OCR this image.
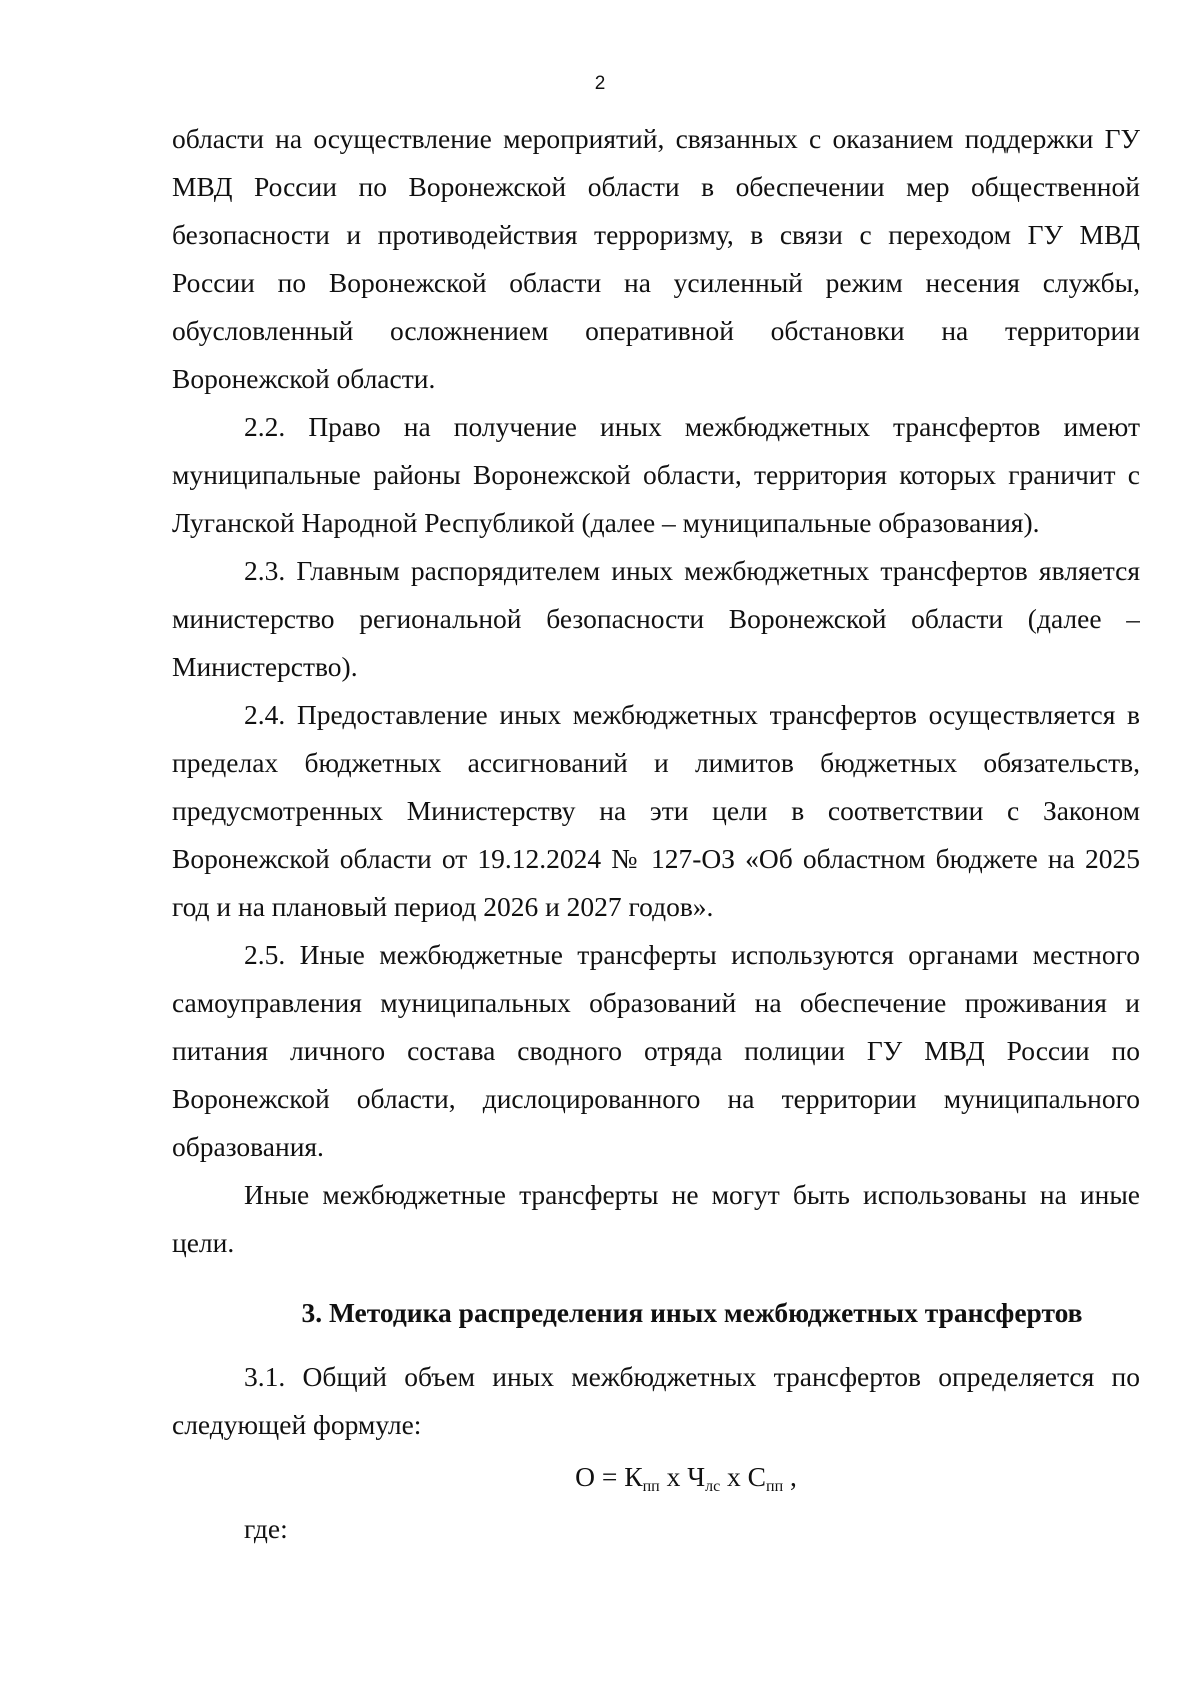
2
области на осуществление мероприятий, связанных с оказанием поддержки ГУ
МВД России по Воронежской области в обеспечении мер общественной
безопасности и противодействия терроризму, в связи с переходом ГУ МВД
России по Воронежской области на усиленный режим несения службы,
обусловленный осложнением оперативной обстановки на территории
Воронежской области.
2.2. Право на получение иных межбюджетных трансфертов имеют
муниципальные районы Воронежской области, территория которых граничит с
Луганской Народной Республикой (далее – муниципальные образования).
2.3. Главным распорядителем иных межбюджетных трансфертов является
министерство региональной безопасности Воронежской области (далее –
Министерство).
2.4. Предоставление иных межбюджетных трансфертов осуществляется в
пределах бюджетных ассигнований и лимитов бюджетных обязательств,
предусмотренных Министерству на эти цели в соответствии с Законом
Воронежской области от 19.12.2024 № 127-ОЗ «Об областном бюджете на 2025
год и на плановый период 2026 и 2027 годов».
2.5. Иные межбюджетные трансферты используются органами местного
самоуправления муниципальных образований на обеспечение проживания и
питания личного состава сводного отряда полиции ГУ МВД России по
Воронежской области, дислоцированного на территории муниципального
образования.
Иные межбюджетные трансферты не могут быть использованы на иные
цели.
3. Методика распределения иных межбюджетных трансфертов
3.1. Общий объем иных межбюджетных трансфертов определяется по
следующей формуле:
$О = К_{пп}$ х $Ч_{лс}$ х $С_{пп}$ ,
где:
